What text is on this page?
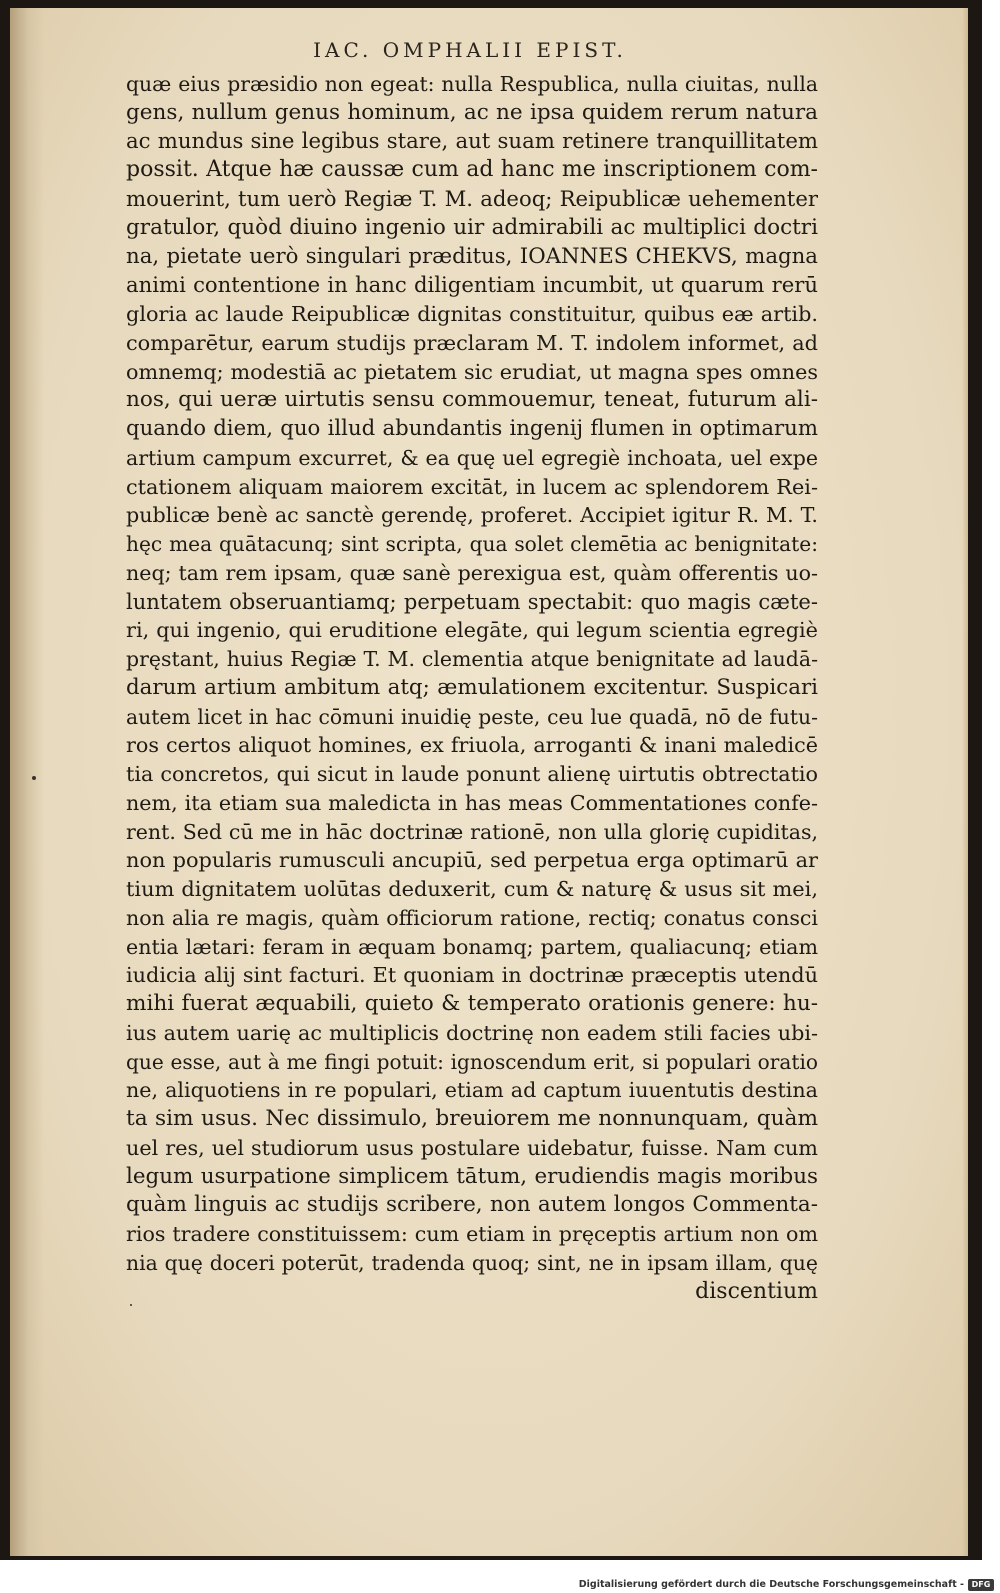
IAC. OMPHALII EPIST.
quæ eius præsidio non egeat: nulla Respublica, nulla ciuitas, nulla
gens, nullum genus hominum, ac ne ipsa quidem rerum natura
ac mundus sine legibus stare, aut suam retinere tranquillitatem
possit. Atque hæ caussæ cum ad hanc me inscriptionem com-
mouerint, tum uerò Regiæ T. M. adeoq; Reipublicæ uehementer
gratulor, quòd diuino ingenio uir admirabili ac multiplici doctri
na, pietate uerò singulari præditus, IOANNES CHEKVS, magna
animi contentione in hanc diligentiam incumbit, ut quarum rerū
gloria ac laude Reipublicæ dignitas constituitur, quibus eæ artib.
comparētur, earum studijs præclaram M. T. indolem informet, ad
omnemq; modestiā ac pietatem sic erudiat, ut magna spes omnes
nos, qui ueræ uirtutis sensu commouemur, teneat, futurum ali-
quando diem, quo illud abundantis ingenij flumen in optimarum
artium campum excurret, & ea quę uel egregiè inchoata, uel expe
ctationem aliquam maiorem excitāt, in lucem ac splendorem Rei-
publicæ benè ac sanctè gerendę, proferet. Accipiet igitur R. M. T.
hęc mea quātacunq; sint scripta, qua solet clemētia ac benignitate:
neq; tam rem ipsam, quæ sanè perexigua est, quàm offerentis uo-
luntatem obseruantiamq; perpetuam spectabit: quo magis cæte-
ri, qui ingenio, qui eruditione elegāte, qui legum scientia egregiè
pręstant, huius Regiæ T. M. clementia atque benignitate ad laudā-
darum artium ambitum atq; æmulationem excitentur. Suspicari
autem licet in hac cōmuni inuidię peste, ceu lue quadā, nō de futu-
ros certos aliquot homines, ex friuola, arroganti & inani maledicē
tia concretos, qui sicut in laude ponunt alienę uirtutis obtrectatio
nem, ita etiam sua maledicta in has meas Commentationes confe-
rent. Sed cū me in hāc doctrinæ rationē, non ulla glorię cupiditas,
non popularis rumusculi ancupiū, sed perpetua erga optimarū ar
tium dignitatem uolūtas deduxerit, cum & naturę & usus sit mei,
non alia re magis, quàm officiorum ratione, rectiq; conatus consci
entia lætari: feram in æquam bonamq; partem, qualiacunq; etiam
iudicia alij sint facturi. Et quoniam in doctrinæ præceptis utendū
mihi fuerat æquabili, quieto & temperato orationis genere: hu-
ius autem uarię ac multiplicis doctrinę non eadem stili facies ubi-
que esse, aut à me fingi potuit: ignoscendum erit, si populari oratio
ne, aliquotiens in re populari, etiam ad captum iuuentutis destina
ta sim usus. Nec dissimulo, breuiorem me nonnunquam, quàm
uel res, uel studiorum usus postulare uidebatur, fuisse. Nam cum
legum usurpatione simplicem tātum, erudiendis magis moribus
quàm linguis ac studijs scribere, non autem longos Commenta-
rios tradere constituissem: cum etiam in pręceptis artium non om
nia quę doceri poterūt, tradenda quoq; sint, ne in ipsam illam, quę
discentium
Digitalisierung gefördert durch die Deutsche Forschungsgemeinschaft - DFG
